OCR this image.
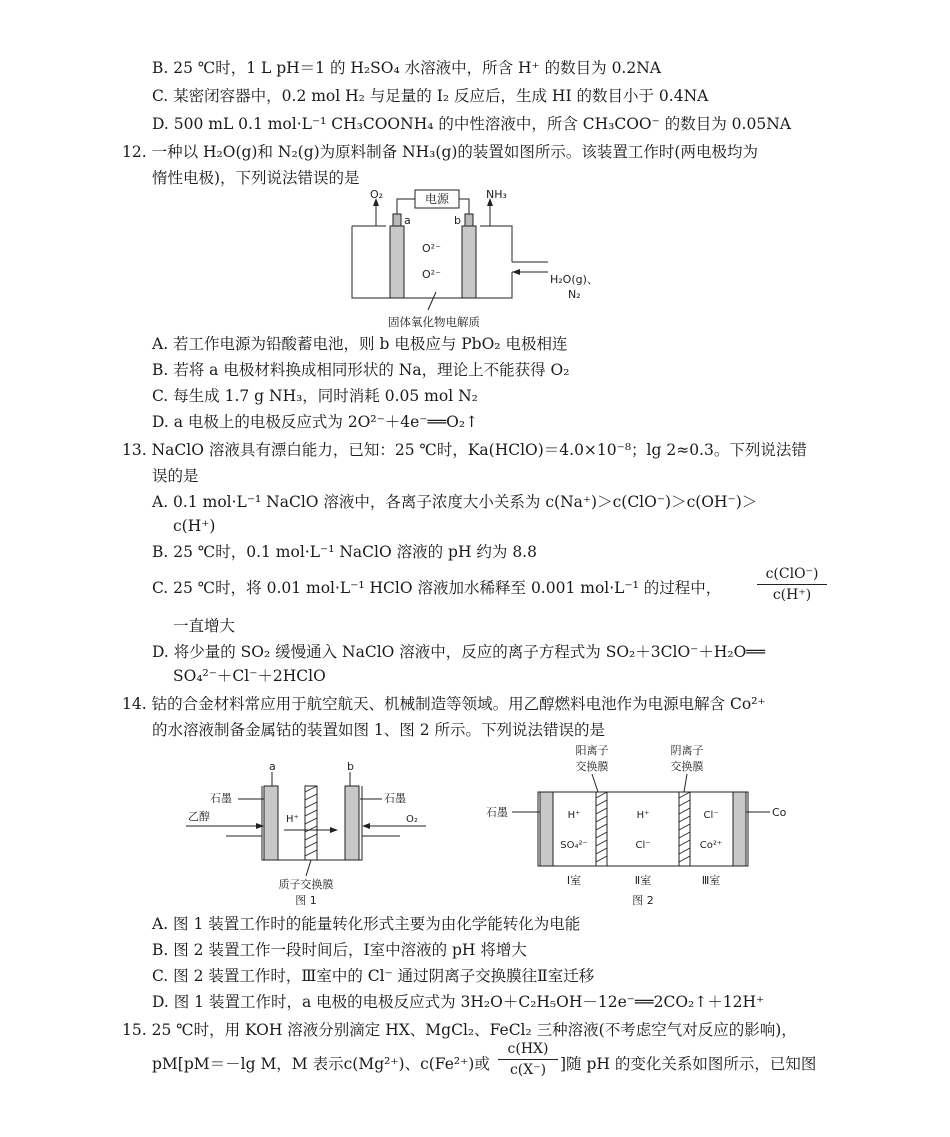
B. 25 ℃时，1 L pH＝1 的 H₂SO₄ 水溶液中，所含 H⁺ 的数目为 0.2NA
C. 某密闭容器中，0.2 mol H₂ 与足量的 I₂ 反应后，生成 HI 的数目小于 0.4NA
D. 500 mL 0.1 mol·L⁻¹ CH₃COONH₄ 的中性溶液中，所含 CH₃COO⁻ 的数目为 0.05NA
12. 一种以 H₂O(g)和 N₂(g)为原料制备 NH₃(g)的装置如图所示。该装置工作时(两电极均为
惰性电极)，下列说法错误的是
电源
a	b
O₂	NH₃
O²⁻
O²⁻	H₂O(g)、
N₂
固体氧化物电解质
A. 若工作电源为铅酸蓄电池，则 b 电极应与 PbO₂ 电极相连
B. 若将 a 电极材料换成相同形状的 Na，理论上不能获得 O₂
C. 每生成 1.7 g NH₃，同时消耗 0.05 mol N₂
D. a 电极上的电极反应式为 2O²⁻＋4e⁻══O₂↑
13. NaClO 溶液具有漂白能力，已知：25 ℃时，Ka(HClO)＝4.0×10⁻⁸；lg 2≈0.3。下列说法错
误的是
A. 0.1 mol·L⁻¹ NaClO 溶液中，各离子浓度大小关系为 c(Na⁺)＞c(ClO⁻)＞c(OH⁻)＞
c(H⁺)
B. 25 ℃时，0.1 mol·L⁻¹ NaClO 溶液的 pH 约为 8.8
C. 25 ℃时，将 0.01 mol·L⁻¹ HClO 溶液加水稀释至 0.001 mol·L⁻¹ 的过程中，
c(ClO⁻)
c(H⁺)
一直增大
D. 将少量的 SO₂ 缓慢通入 NaClO 溶液中，反应的离子方程式为 SO₂＋3ClO⁻＋H₂O══
SO₄²⁻＋Cl⁻＋2HClO
14. 钴的合金材料常应用于航空航天、机械制造等领域。用乙醇燃料电池作为电源电解含 Co²⁺
的水溶液制备金属钴的装置如图 1、图 2 所示。下列说法错误的是
a	b
石墨	石墨
乙醇	H⁺	O₂
质子交换膜
图 1
阳离子
交换膜
阴离子
交换膜
石墨	Co
H⁺
SO₄²⁻
H⁺
Cl⁻
Cl⁻
Co²⁺
Ⅰ室	Ⅱ室	Ⅲ室
图 2
A. 图 1 装置工作时的能量转化形式主要为由化学能转化为电能
B. 图 2 装置工作一段时间后，Ⅰ室中溶液的 pH 将增大
C. 图 2 装置工作时，Ⅲ室中的 Cl⁻ 通过阴离子交换膜往Ⅱ室迁移
D. 图 1 装置工作时，a 电极的电极反应式为 3H₂O＋C₂H₅OH－12e⁻══2CO₂↑＋12H⁺
15. 25 ℃时，用 KOH 溶液分别滴定 HX、MgCl₂、FeCl₂ 三种溶液(不考虑空气对反应的影响)，
pM[pM＝－lg M，M 表示c(Mg²⁺)、c(Fe²⁺)或
c(HX)
c(X⁻) ]随 pH 的变化关系如图所示，已知图
